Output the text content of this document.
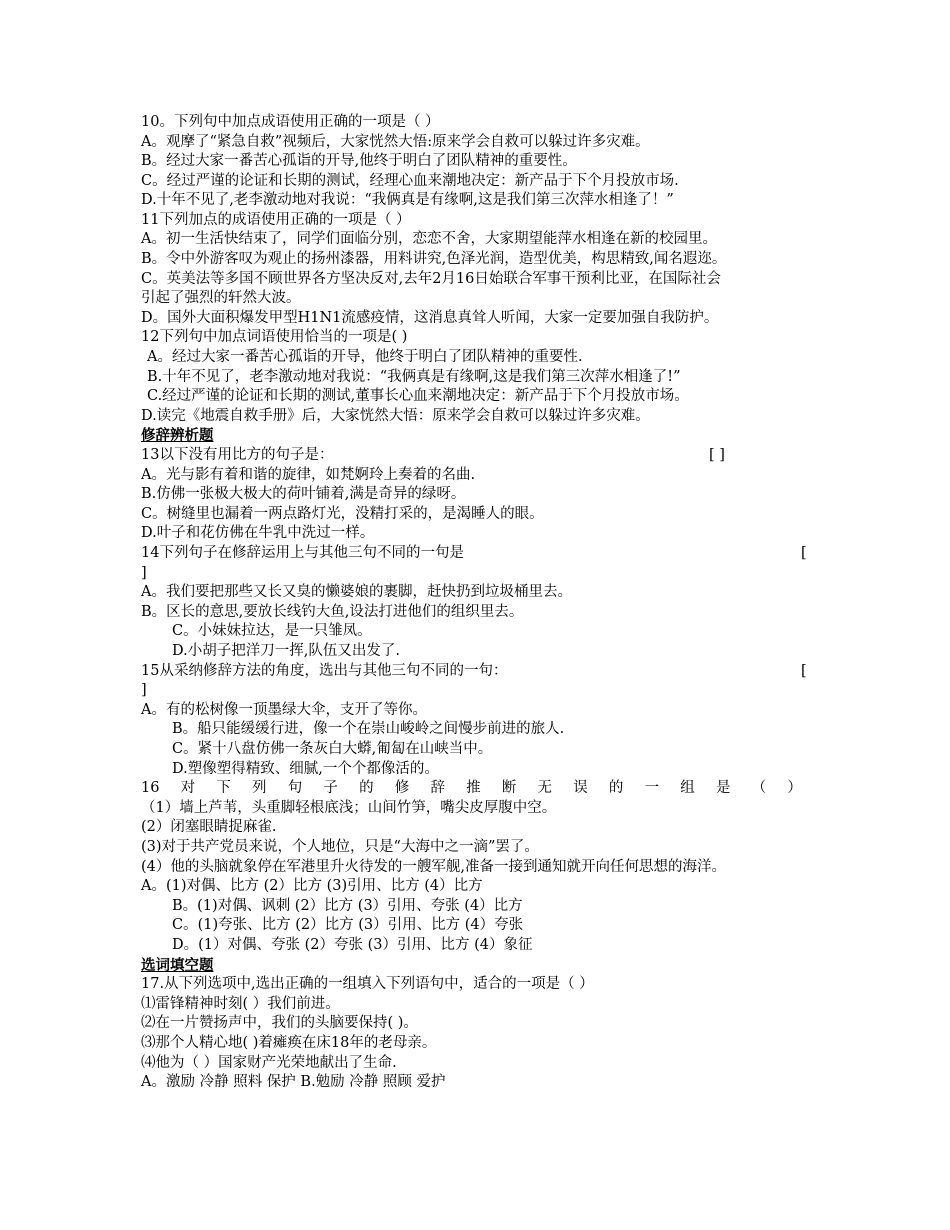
10。下列句中加点成语使用正确的一项是（ ）
A。观摩了“紧急自救”视频后，大家恍然大悟:原来学会自救可以躲过许多灾难。
B。经过大家一番苦心孤诣的开导,他终于明白了团队精神的重要性。
C。经过严谨的论证和长期的测试，经理心血来潮地决定：新产品于下个月投放市场.
D.十年不见了,老李激动地对我说：“我俩真是有缘啊,这是我们第三次萍水相逢了！”
11下列加点的成语使用正确的一项是（ ）
A。初一生活快结束了，同学们面临分别，恋恋不舍，大家期望能萍水相逢在新的校园里。
B。令中外游客叹为观止的扬州漆器，用料讲究,色泽光润，造型优美，构思精致,闻名遐迩。
C。英美法等多国不顾世界各方坚决反对,去年2月16日始联合军事干预利比亚，在国际社会
引起了强烈的轩然大波。
D。国外大面积爆发甲型H1N1流感疫情，这消息真耸人听闻，大家一定要加强自我防护。
12下列句中加点词语使用恰当的一项是( )
A。经过大家一番苦心孤诣的开导，他终于明白了团队精神的重要性.
B.十年不见了，老李激动地对我说：“我俩真是有缘啊,这是我们第三次萍水相逢了!”
C.经过严谨的论证和长期的测试,董事长心血来潮地决定：新产品于下个月投放市场。
D.读完《地震自救手册》后，大家恍然大悟：原来学会自救可以躲过许多灾难。
修辞辨析题
13以下没有用比方的句子是：	[ ]
A。光与影有着和谐的旋律，如梵婀玲上奏着的名曲.
B.仿佛一张极大极大的荷叶铺着,满是奇异的绿呀。
C。树缝里也漏着一两点路灯光，没精打采的，是渴睡人的眼。
D.叶子和花仿佛在牛乳中洗过一样。
14下列句子在修辞运用上与其他三句不同的一句是	[
]
A。我们要把那些又长又臭的懒婆娘的裹脚，赶快扔到垃圾桶里去。
B。区长的意思,要放长线钓大鱼,设法打进他们的组织里去。
C。小妹妹拉达，是一只雏凤。
D.小胡子把洋刀一挥,队伍又出发了.
15从采纳修辞方法的角度，选出与其他三句不同的一句：	[
]
A。有的松树像一顶墨绿大伞，支开了等你。
B。船只能缓缓行进，像一个在崇山峻岭之间慢步前进的旅人.
C。紧十八盘仿佛一条灰白大蟒,匍匐在山峡当中。
D.塑像塑得精致、细腻,一个个都像活的。
16 对 下 列 句 子 的 修 辞 推 断 无 误 的 一 组 是 （ ）
（1）墙上芦苇，头重脚轻根底浅；山间竹笋，嘴尖皮厚腹中空。
(2）闭塞眼睛捉麻雀.
(3)对于共产党员来说，个人地位，只是“大海中之一滴”罢了。
(4）他的头脑就象停在军港里升火待发的一艘军舰,准备一接到通知就开向任何思想的海洋。
A。(1)对偶、比方 (2）比方 (3)引用、比方 (4）比方
B。(1)对偶、讽刺 (2）比方 (3）引用、夸张 (4）比方
C。(1)夸张、比方 (2）比方 (3）引用、比方 (4）夸张
D。(1）对偶、夸张 (2）夸张 (3）引用、比方 (4）象征
选词填空题
17.从下列选项中,选出正确的一组填入下列语句中，适合的一项是（ ）
⑴雷锋精神时刻( ）我们前进。
⑵在一片赞扬声中，我们的头脑要保持( )。
⑶那个人精心地( )着瘫痪在床18年的老母亲。
⑷他为（ ）国家财产光荣地献出了生命.
A。激励 冷静 照料 保护 B.勉励 冷静 照顾 爱护
